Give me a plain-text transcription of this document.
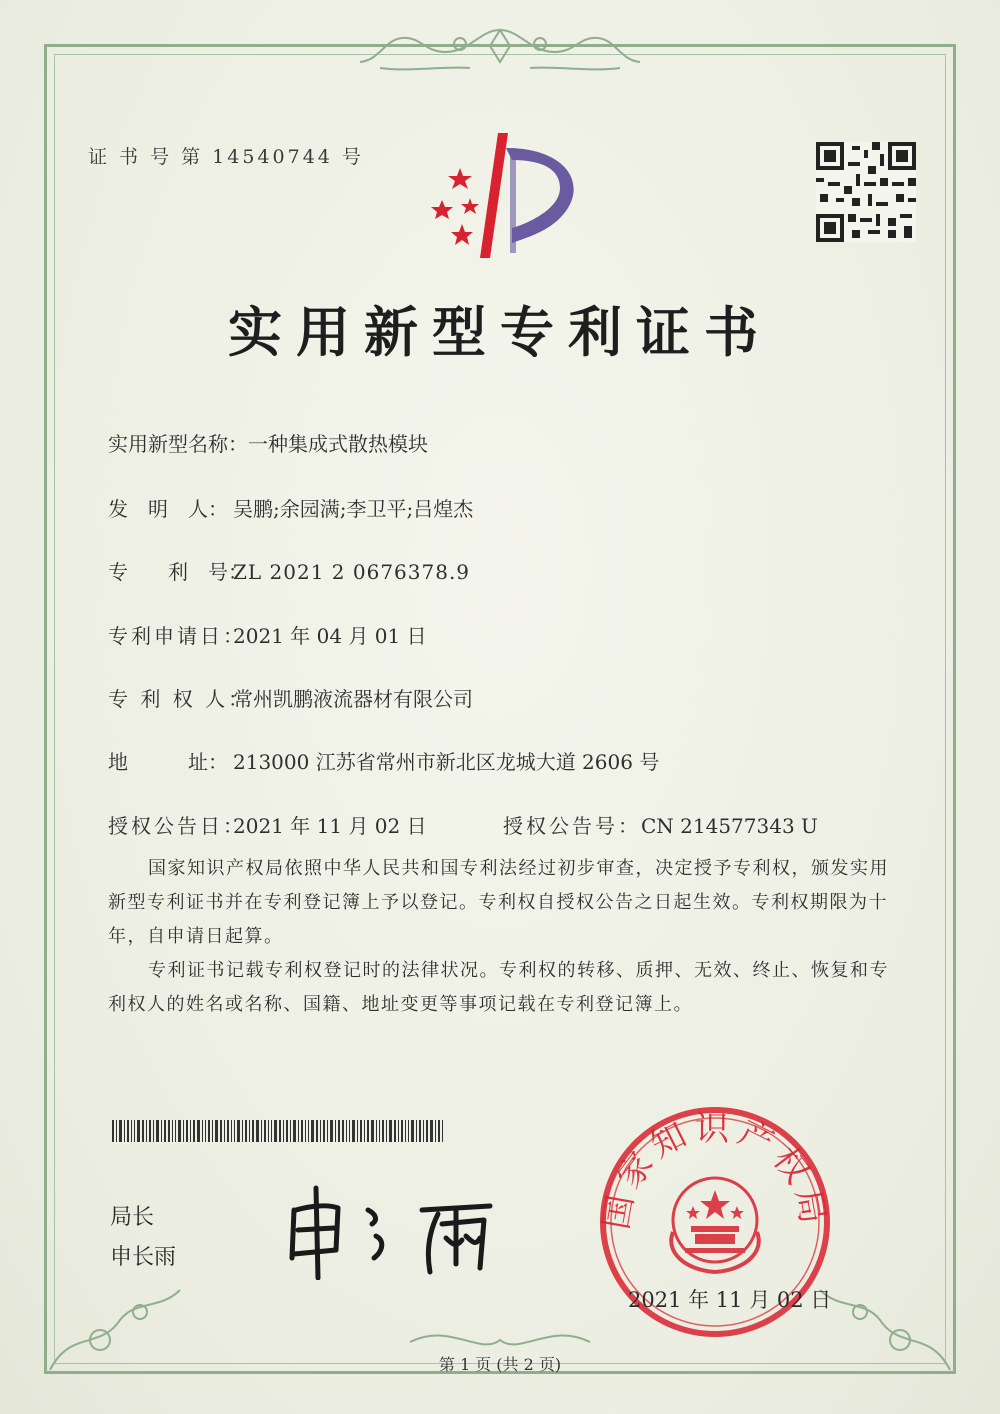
证 书 号 第 14540744 号
实用新型专利证书
实用新型名称：一种集成式散热模块
发　明　人： 吴鹏;余园满;李卫平;吕煌杰
专　　利　号：ZL 2021 2 0676378.9
专利申请日：2021 年 04 月 01 日
专 利 权 人：常州凯鹏液流器材有限公司
地　　　址： 213000 江苏省常州市新北区龙城大道 2606 号
授权公告日：2021 年 11 月 02 日	授权公告号：CN 214577343 U
国家知识产权局依照中华人民共和国专利法经过初步审查，决定授予专利权，颁发实用新型专利证书并在专利登记簿上予以登记。专利权自授权公告之日起生效。专利权期限为十年，自申请日起算。
专利证书记载专利权登记时的法律状况。专利权的转移、质押、无效、终止、恢复和专利权人的姓名或名称、国籍、地址变更等事项记载在专利登记簿上。
局长
申长雨
国家知识产权局
2021 年 11 月 02 日
第 1 页 (共 2 页)
